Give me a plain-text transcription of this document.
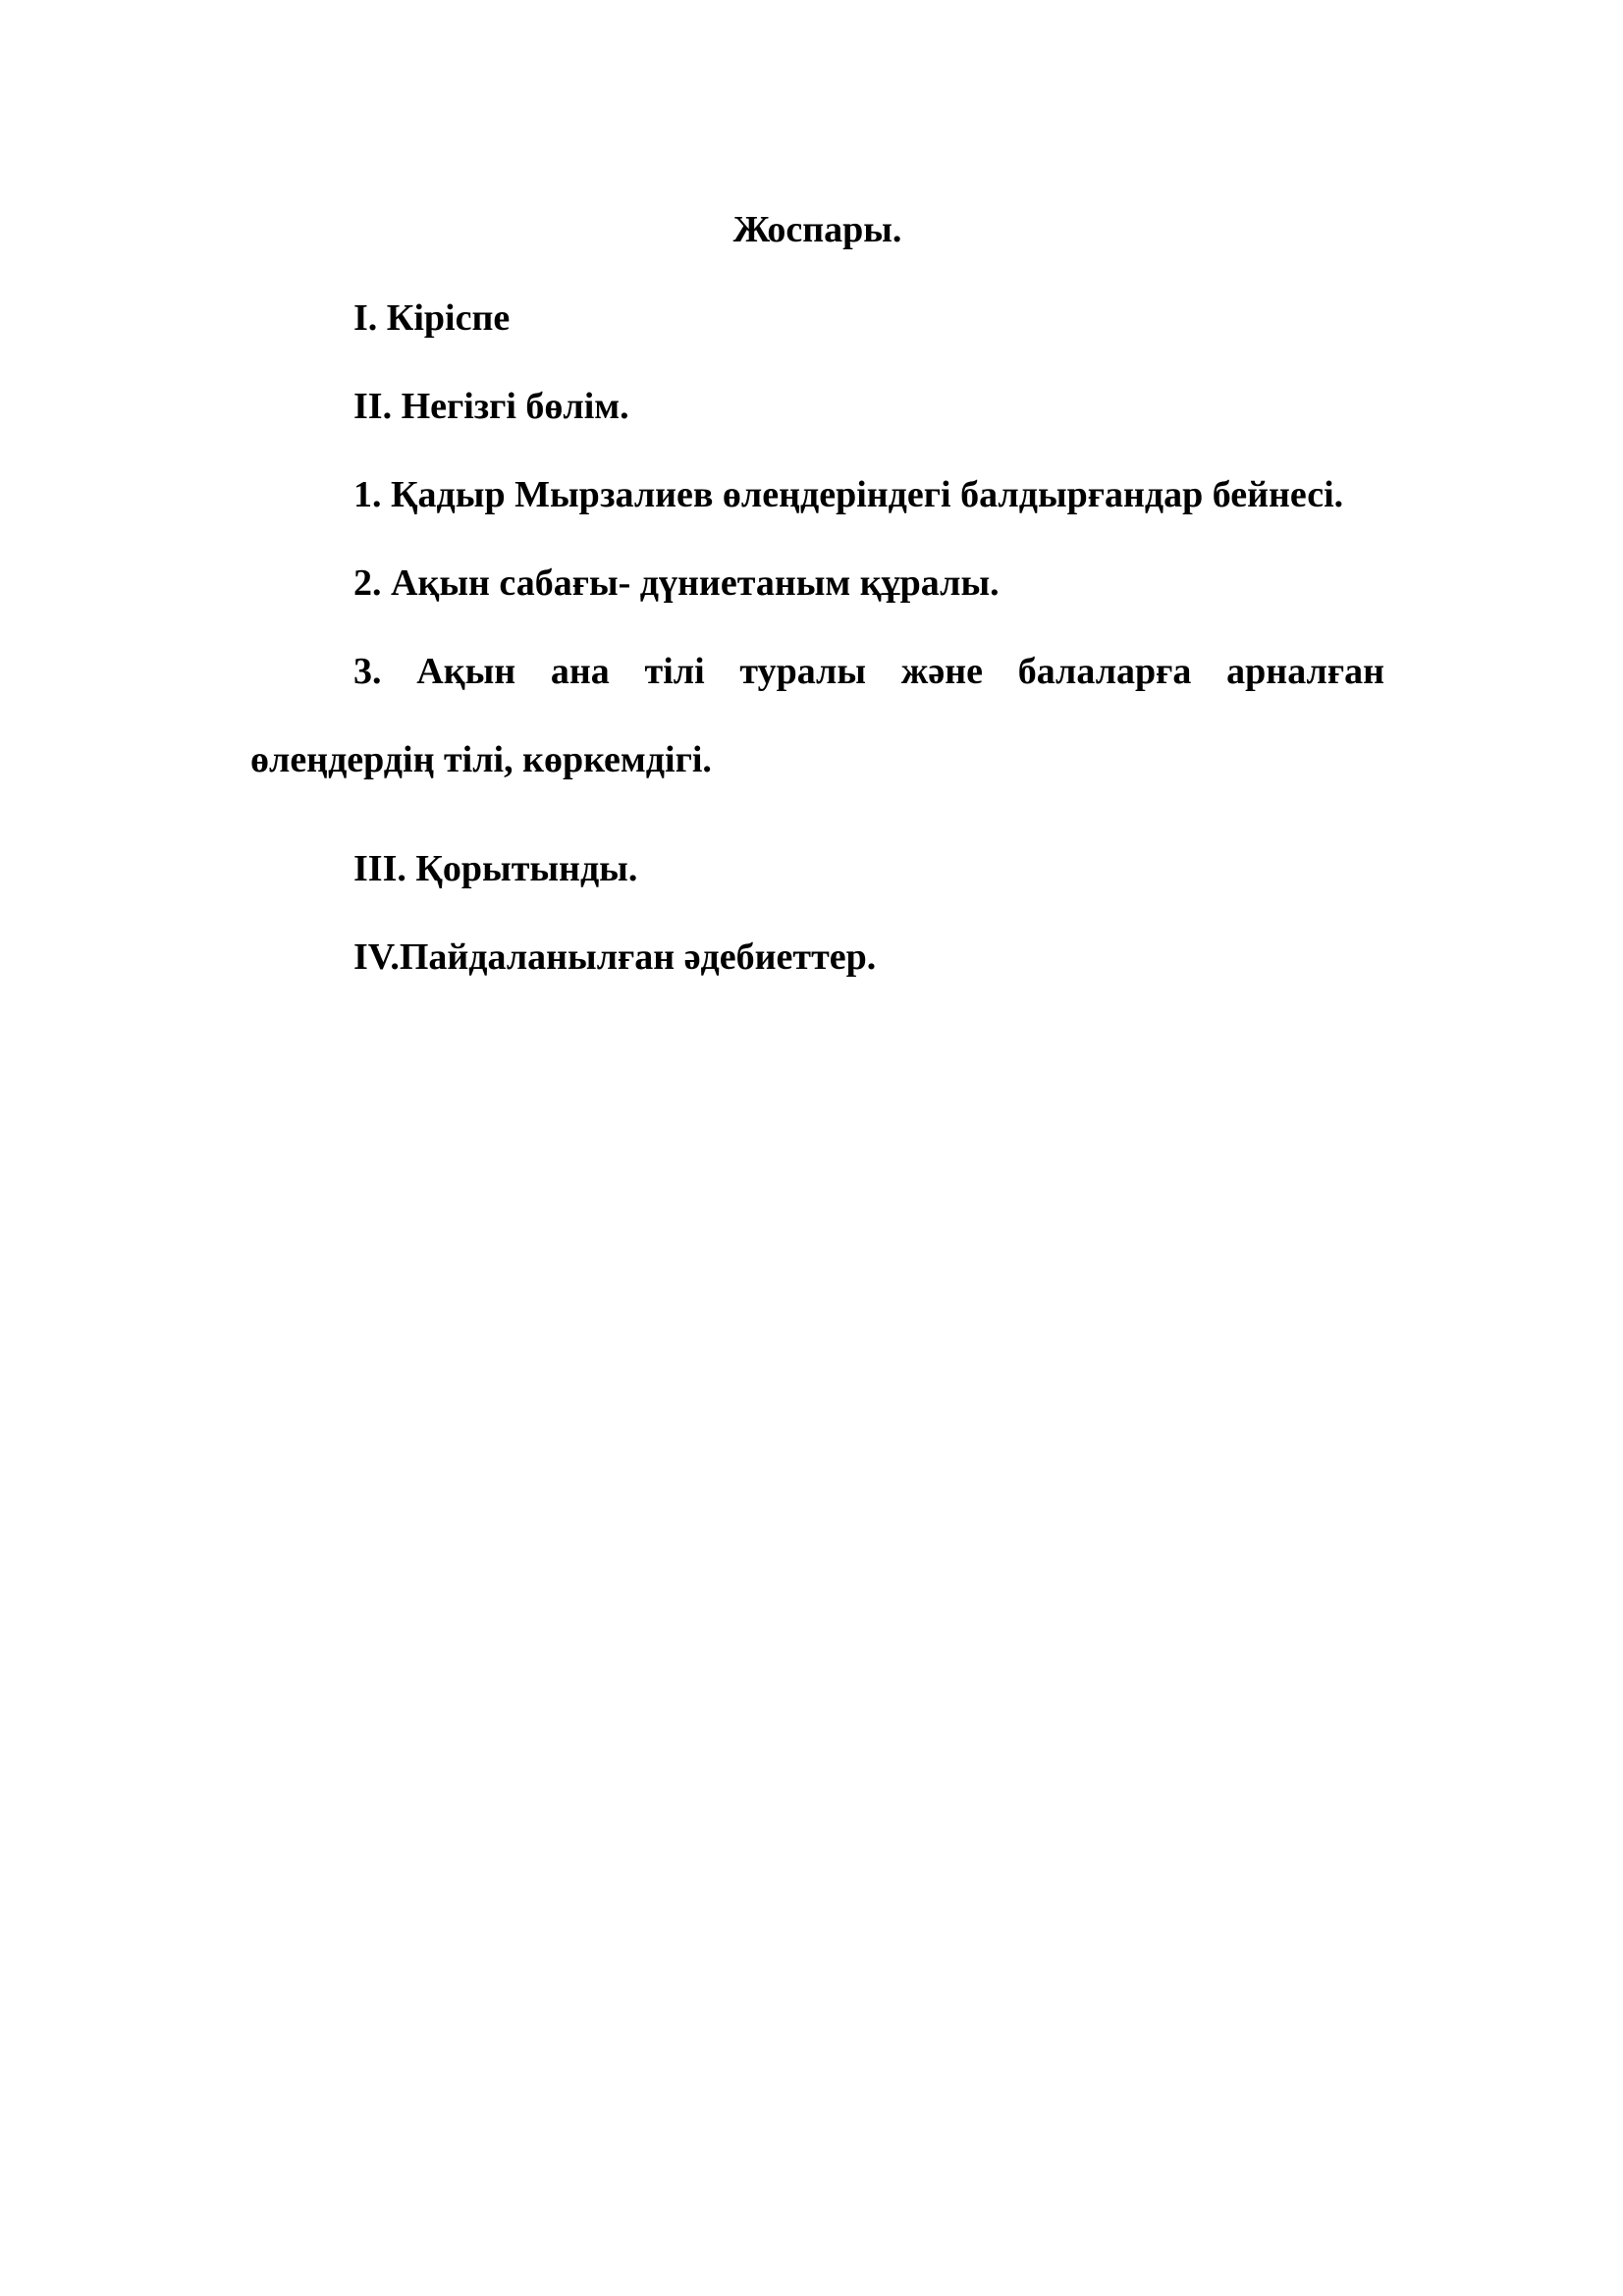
Жоспары.

I. Кіріспе

II. Негізгі бөлім.

1. Қадыр Мырзалиев өлеңдеріндегі балдырғандар бейнесі.

2. Ақын сабағы- дүниетаным құралы.

3. Ақын ана тілі туралы және балаларға арналған
өлеңдердің тілі, көркемдігі.

III. Қорытынды.

IV.Пайдаланылған әдебиеттер.
